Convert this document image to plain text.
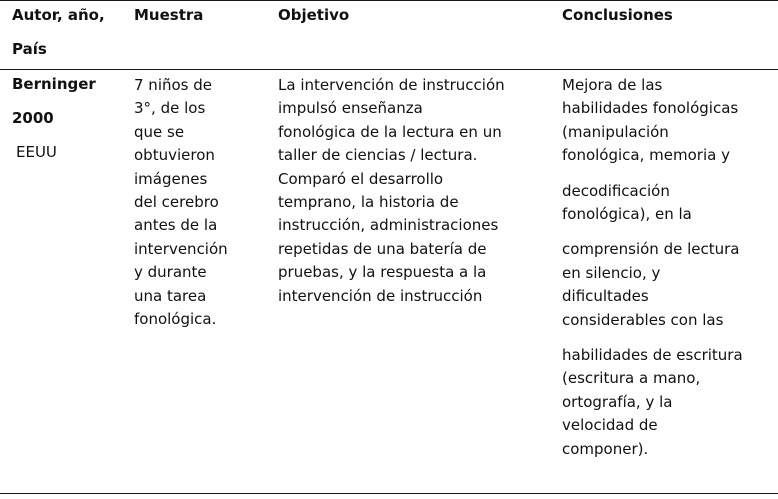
Autor, año,
País
Muestra	Objetivo	Conclusiones
Berninger
2000
EEUU
7 niños de
3°, de los
que se
obtuvieron
imágenes
del cerebro
antes de la
intervención
y durante
una tarea
fonológica.
La intervención de instrucción
impulsó enseñanza
fonológica de la lectura en un
taller de ciencias / lectura.
Comparó el desarrollo
temprano, la historia de
instrucción, administraciones
repetidas de una batería de
pruebas, y la respuesta a la
intervención de instrucción
Mejora de las
habilidades fonológicas
(manipulación
fonológica, memoria y
decodificación
fonológica), en la
comprensión de lectura
en silencio, y
dificultades
considerables con las
habilidades de escritura
(escritura a mano,
ortografía, y la
velocidad de
componer).
